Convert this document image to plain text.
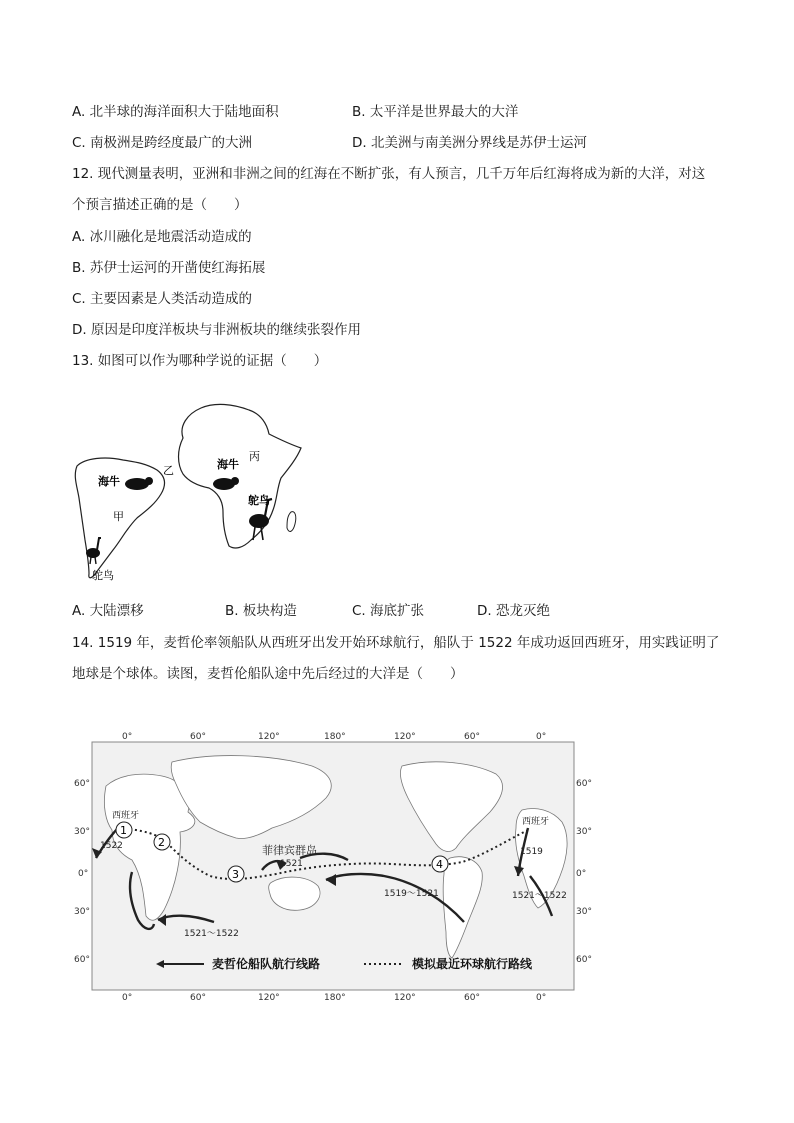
A. 北半球的海洋面积大于陆地面积	B. 太平洋是世界最大的大洋
C. 南极洲是跨经度最广的大洲	D. 北美洲与南美洲分界线是苏伊士运河
12. 现代测量表明，亚洲和非洲之间的红海在不断扩张，有人预言，几千万年后红海将成为新的大洋，对这
个预言描述正确的是（　　）
A. 冰川融化是地震活动造成的
B. 苏伊士运河的开凿使红海拓展
C. 主要因素是人类活动造成的
D. 原因是印度洋板块与非洲板块的继续张裂作用
13. 如图可以作为哪种学说的证据（　　）
海牛
甲
鸵鸟
乙	海牛
丙
鸵鸟
A. 大陆漂移	B. 板块构造	C. 海底扩张	D. 恐龙灭绝
14. 1519 年，麦哲伦率领船队从西班牙出发开始环球航行，船队于 1522 年成功返回西班牙，用实践证明了
地球是个球体。读图，麦哲伦船队途中先后经过的大洋是（　　）
1
2
3
4
0°	60°	120°	180°	120°	60°	0°
0°	60°	120°	180°	120°	60°	0°
60°
30°
0°
30°
60°
60°
30°
0°
30°
60°
西班牙
西班牙
菲律宾群岛
1521
1519～1521
1521～1522
1521～1522
1522
1519
麦哲伦船队航行线路	模拟最近环球航行路线
